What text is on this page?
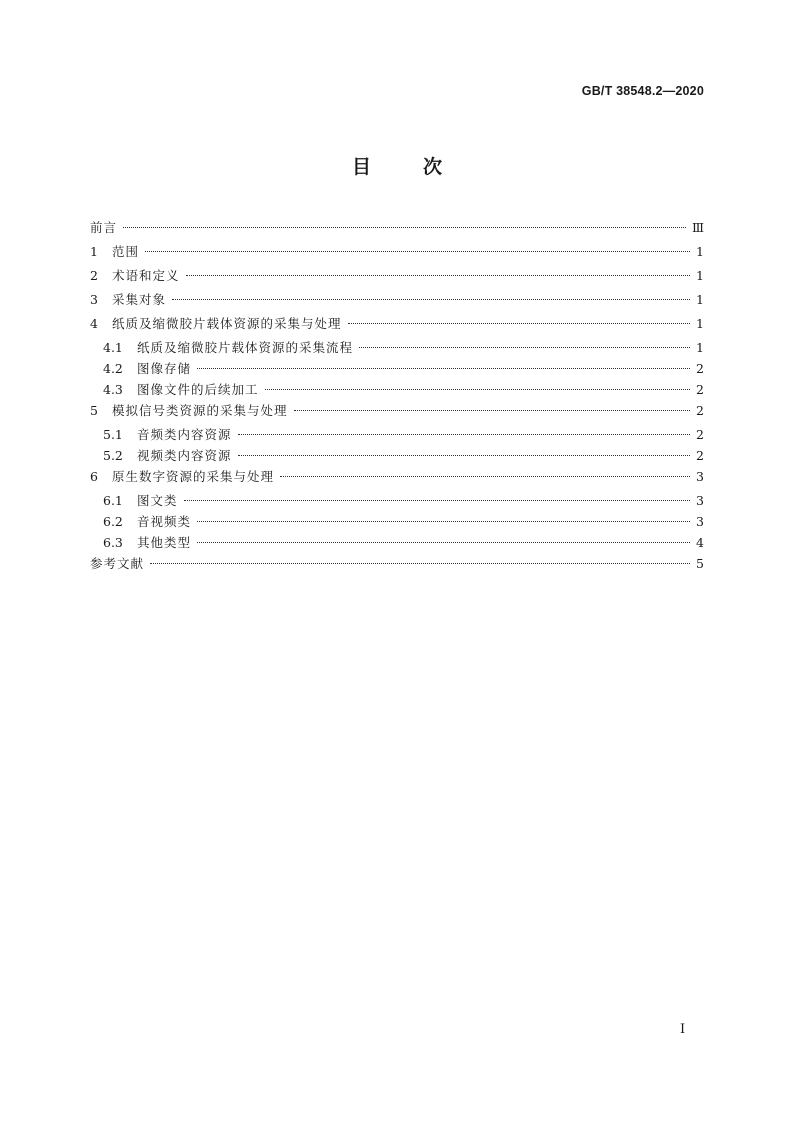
GB/T 38548.2—2020
目	次
前言	Ⅲ
1	范围	1
2	术语和定义	1
3	采集对象	1
4	纸质及缩微胶片载体资源的采集与处理	1
4.1	纸质及缩微胶片载体资源的采集流程	1
4.2	图像存储	2
4.3	图像文件的后续加工	2
5	模拟信号类资源的采集与处理	2
5.1	音频类内容资源	2
5.2	视频类内容资源	2
6	原生数字资源的采集与处理	3
6.1	图文类	3
6.2	音视频类	3
6.3	其他类型	4
参考文献	5
I
